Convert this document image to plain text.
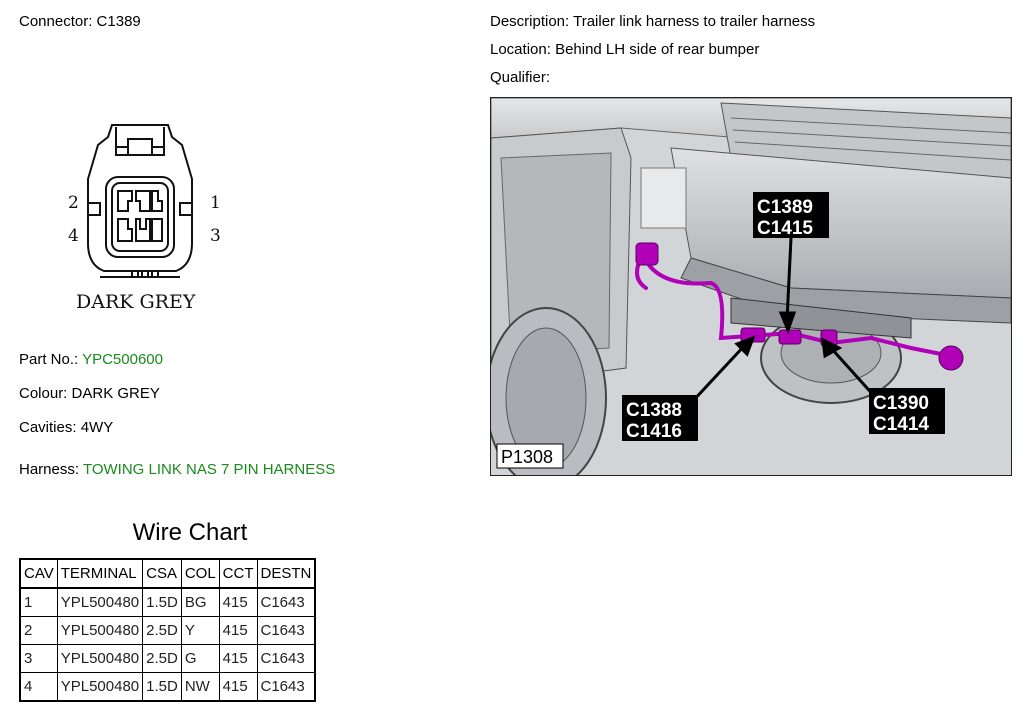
Connector: C1389	Description: Trailer link harness to trailer harness
Location: Behind LH side of rear bumper
Qualifier:
2	1
4	3
DARK GREY
Part No.: YPC500600
Colour: DARK GREY
Cavities: 4WY
Harness: TOWING LINK NAS 7 PIN HARNESS
C1389
C1415
C1388
C1416
C1390
C1414
P1308
Wire Chart
CAV	TERMINAL	CSA	COL	CCT	DESTN
1	YPL500480	1.5D	BG	415	C1643
2	YPL500480	2.5D	Y	415	C1643
3	YPL500480	2.5D	G	415	C1643
4	YPL500480	1.5D	NW	415	C1643
